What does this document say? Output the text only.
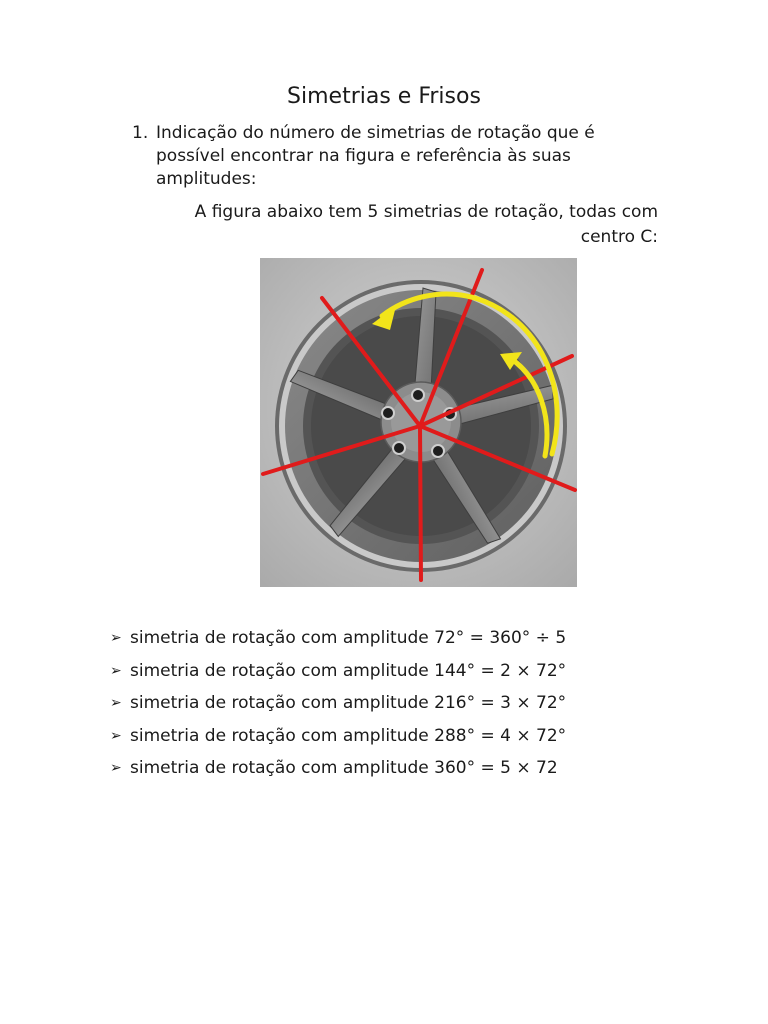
Simetrias e Frisos
1. Indicação do número de simetrias de rotação que é possível encontrar na figura e referência às suas amplitudes:
A figura abaixo tem 5 simetrias de rotação, todas com centro C:
➢ simetria de rotação com amplitude 72° = 360° ÷ 5
➢ simetria de rotação com amplitude 144° = 2 × 72°
➢ simetria de rotação com amplitude 216° = 3 × 72°
➢ simetria de rotação com amplitude 288° = 4 × 72°
➢ simetria de rotação com amplitude 360° = 5 × 72
